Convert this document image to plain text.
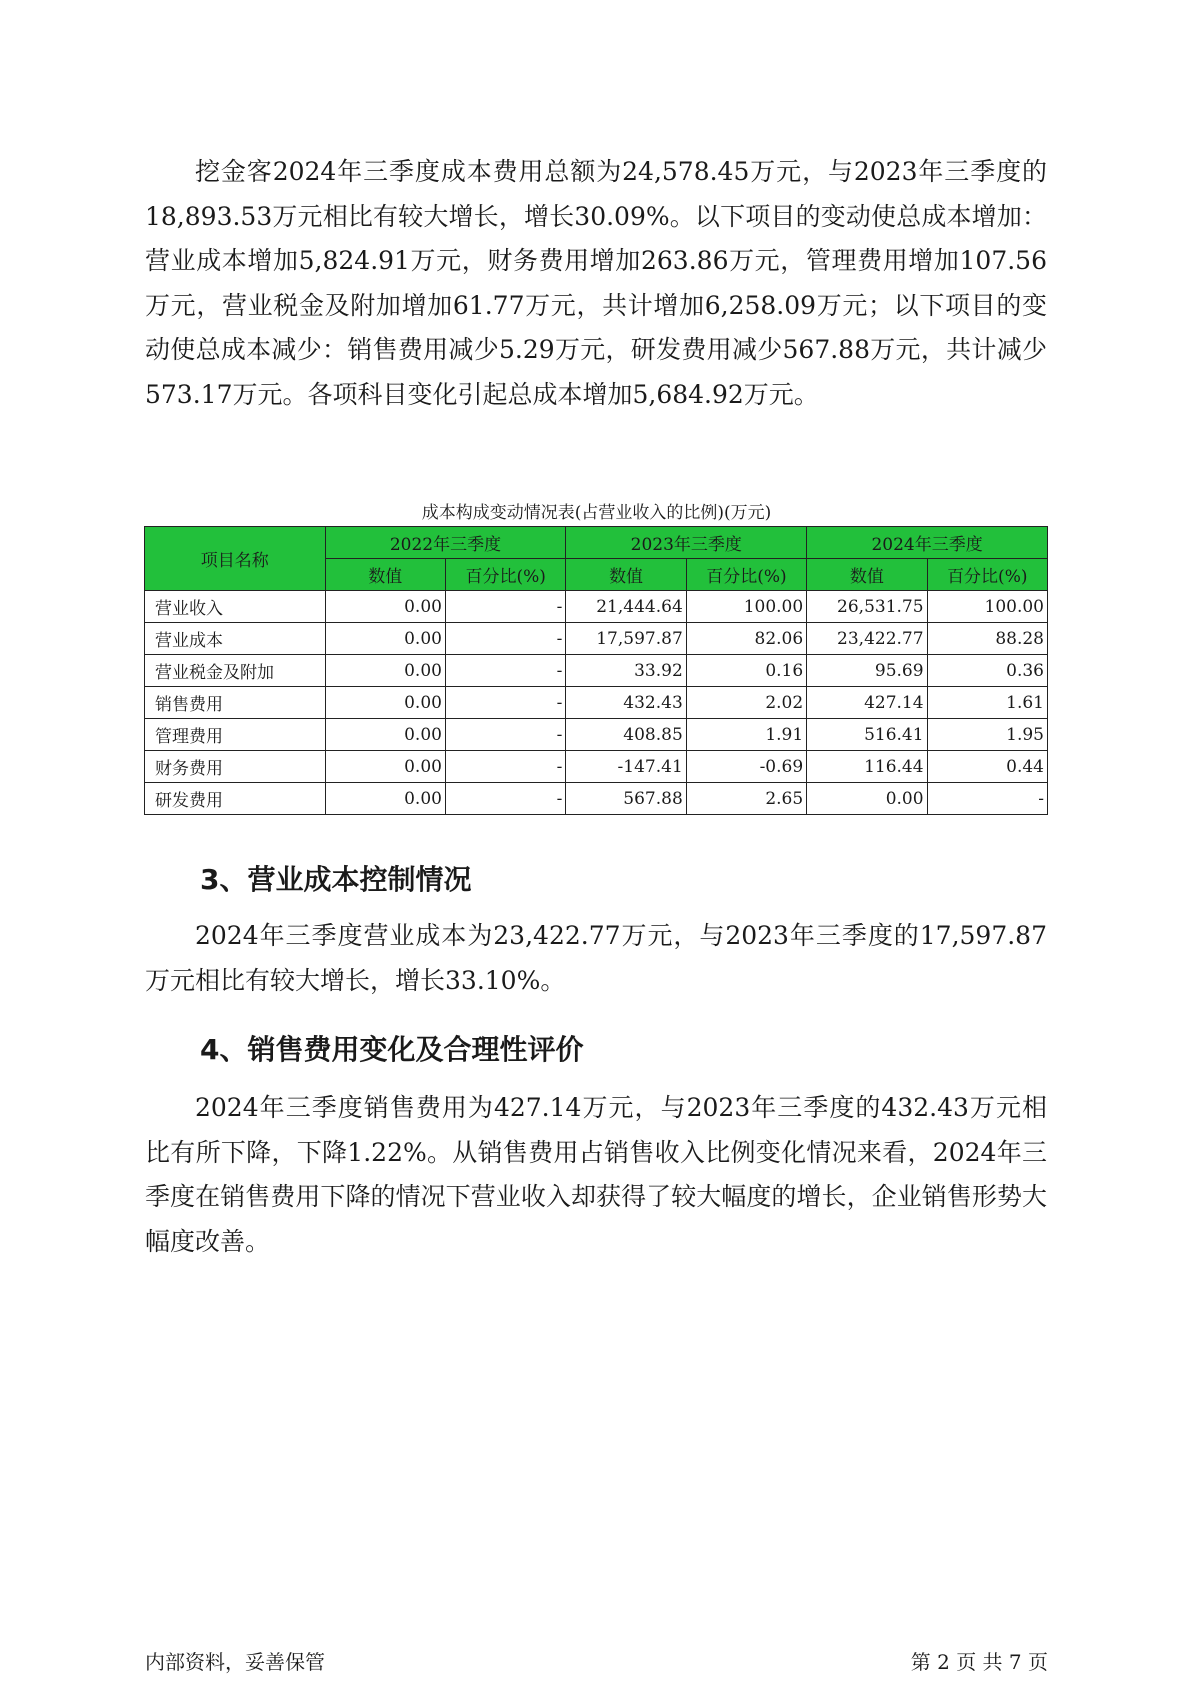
挖金客2024年三季度成本费用总额为24,578.45万元，与2023年三季度的18,893.53万元相比有较大增长，增长30.09%。以下项目的变动使总成本增加：营业成本增加5,824.91万元，财务费用增加263.86万元，管理费用增加107.56万元，营业税金及附加增加61.77万元，共计增加6,258.09万元；以下项目的变动使总成本减少：销售费用减少5.29万元，研发费用减少567.88万元，共计减少573.17万元。各项科目变化引起总成本增加5,684.92万元。

成本构成变动情况表(占营业收入的比例)(万元)

项目名称	2022年三季度		2023年三季度		2024年三季度	
	数值	百分比(%)	数值	百分比(%)	数值	百分比(%)
营业收入	0.00	-	21,444.64	100.00	26,531.75	100.00
营业成本	0.00	-	17,597.87	82.06	23,422.77	88.28
营业税金及附加	0.00	-	33.92	0.16	95.69	0.36
销售费用	0.00	-	432.43	2.02	427.14	1.61
管理费用	0.00	-	408.85	1.91	516.41	1.95
财务费用	0.00	-	-147.41	-0.69	116.44	0.44
研发费用	0.00	-	567.88	2.65	0.00	-
3、营业成本控制情况

2024年三季度营业成本为23,422.77万元，与2023年三季度的17,597.87万元相比有较大增长，增长33.10%。

4、销售费用变化及合理性评价

2024年三季度销售费用为427.14万元，与2023年三季度的432.43万元相比有所下降，下降1.22%。从销售费用占销售收入比例变化情况来看，2024年三季度在销售费用下降的情况下营业收入却获得了较大幅度的增长，企业销售形势大幅度改善。

内部资料，妥善保管	第 2 页 共 7 页
